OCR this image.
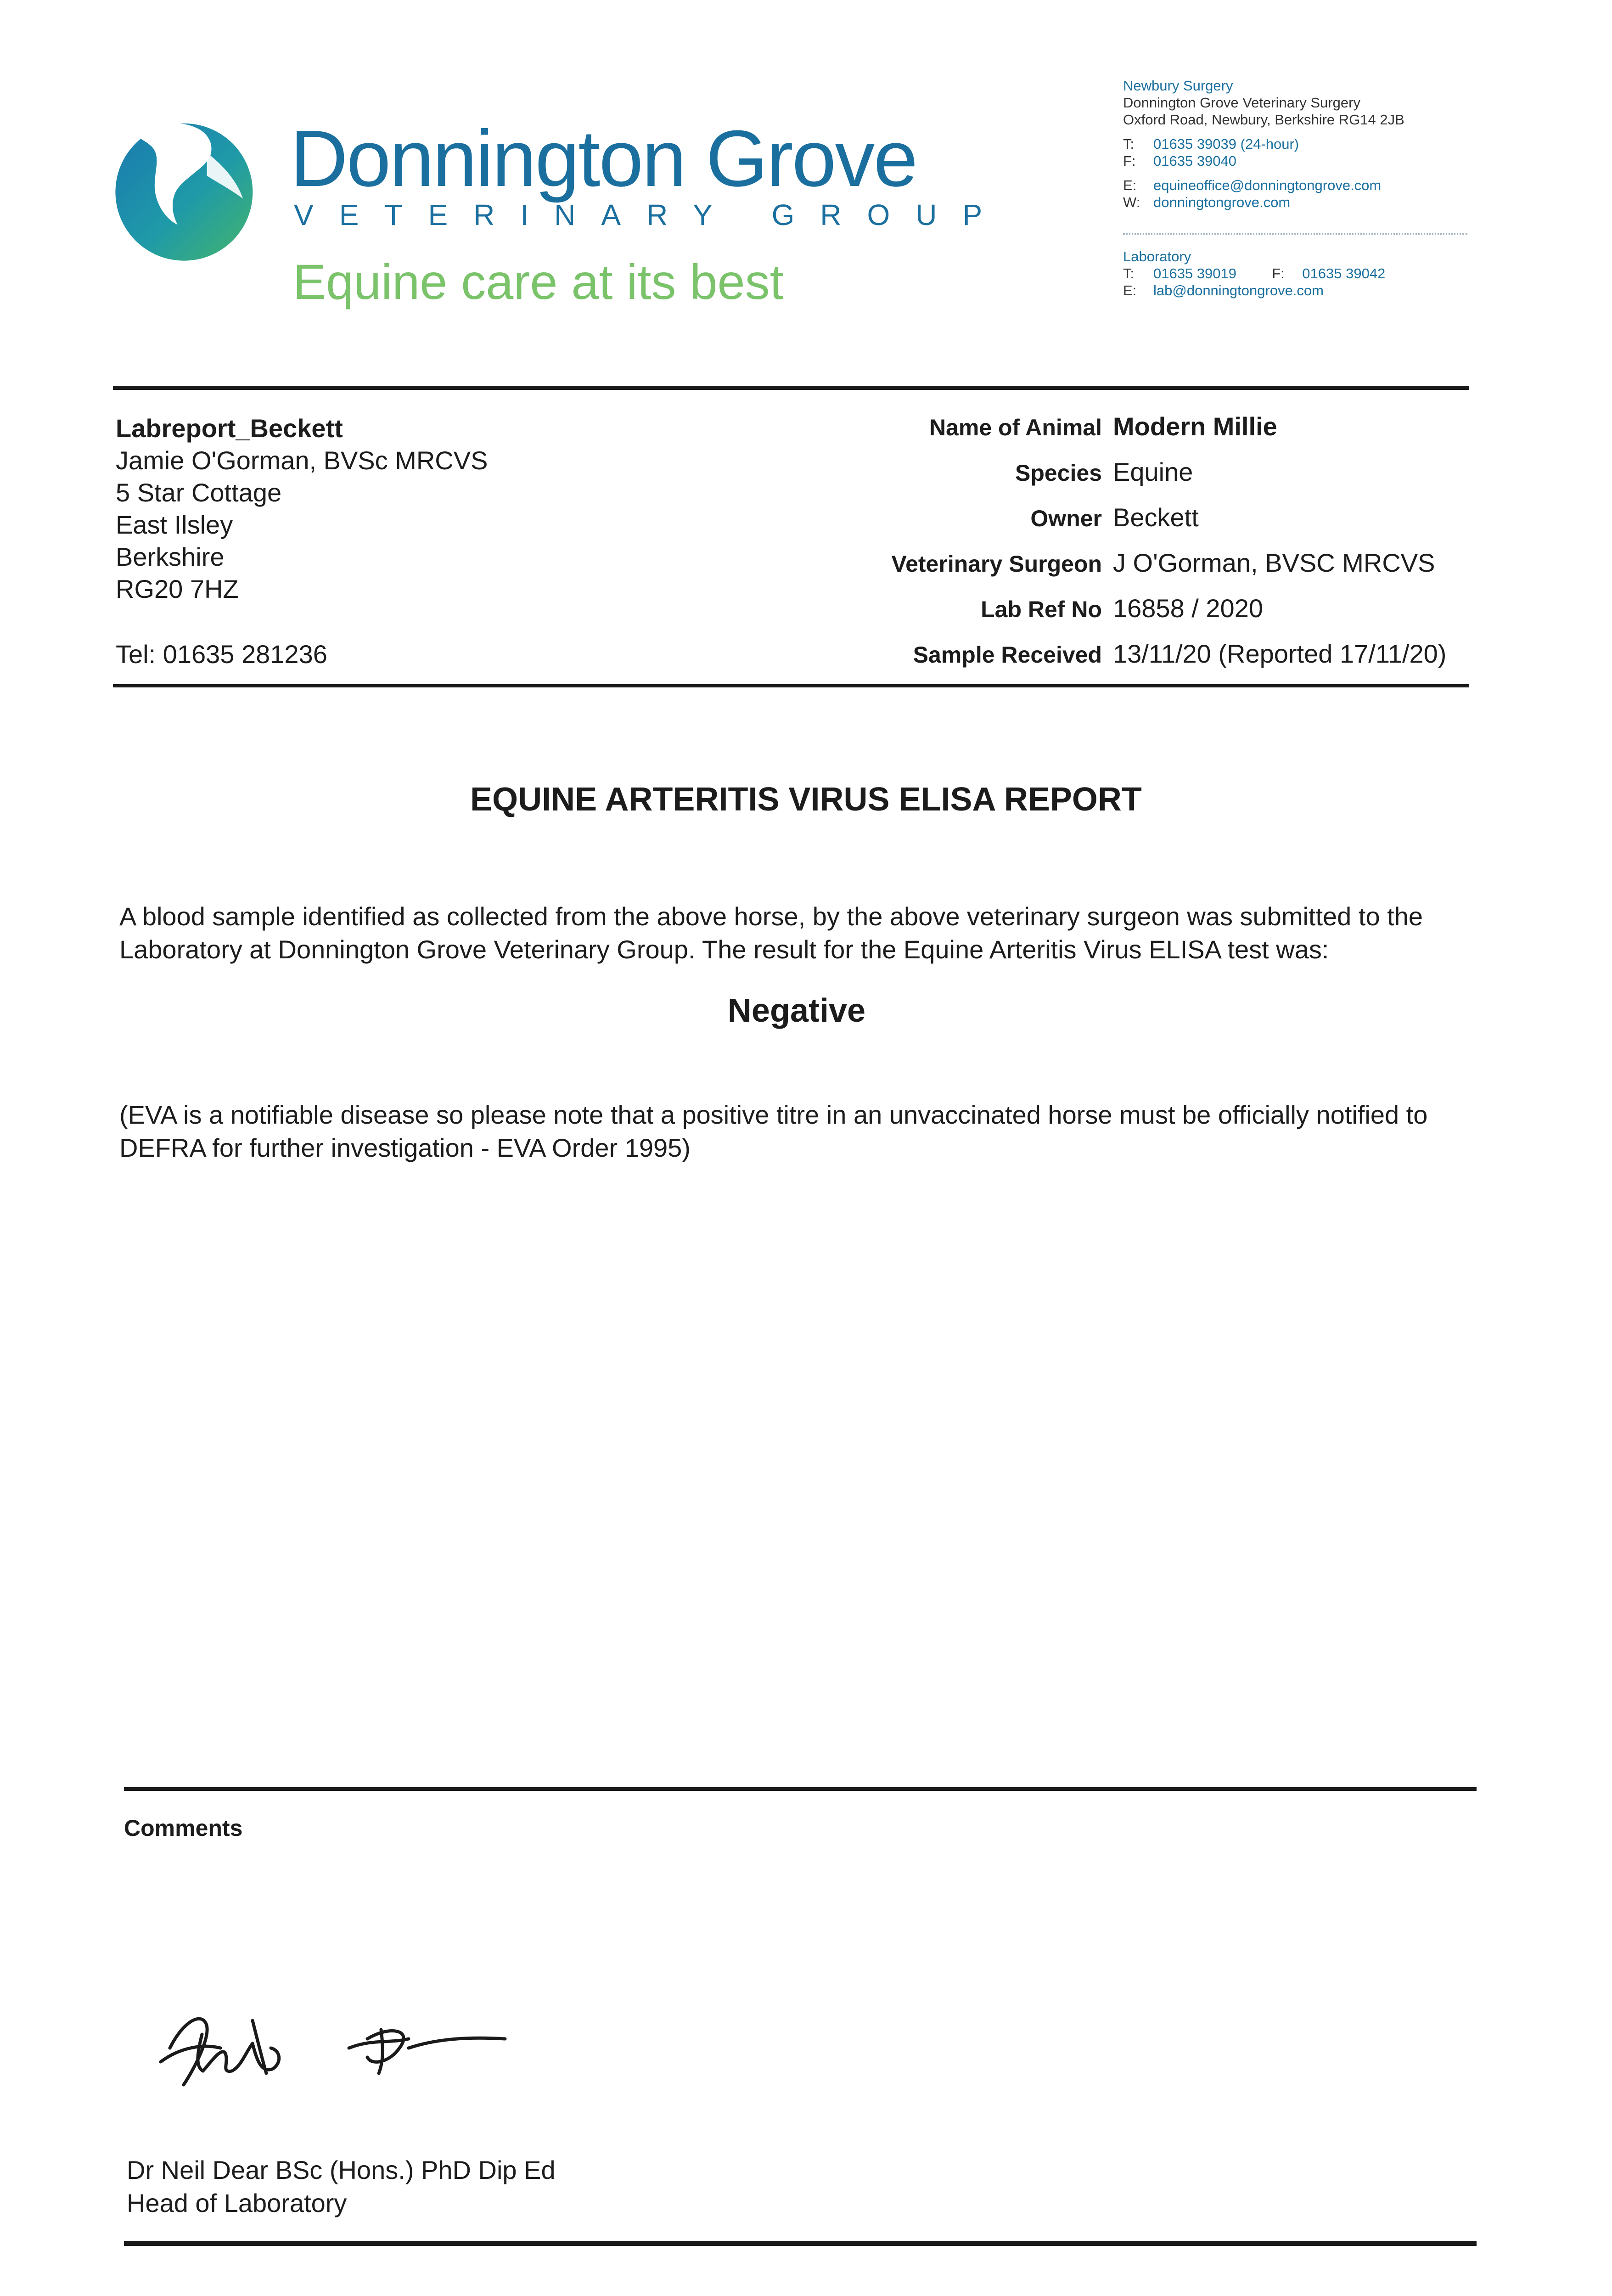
Donnington Grove
VETERINARY GROUP
Equine care at its best
Newbury Surgery
Donnington Grove Veterinary Surgery
Oxford Road, Newbury, Berkshire RG14 2JB
T: 01635 39039 (24-hour)
F: 01635 39040
E: equineoffice@donningtongrove.com
W: donningtongrove.com
Laboratory
T: 01635 39019 F: 01635 39042
E: lab@donningtongrove.com
Labreport_Beckett
Jamie O'Gorman, BVSc MRCVS
5 Star Cottage
East Ilsley
Berkshire
RG20 7HZ
Tel: 01635 281236
Name of Animal Modern Millie
Species Equine
Owner Beckett
Veterinary Surgeon J O'Gorman, BVSC MRCVS
Lab Ref No 16858 / 2020
Sample Received 13/11/20 (Reported 17/11/20)
EQUINE ARTERITIS VIRUS ELISA REPORT
A blood sample identified as collected from the above horse, by the above veterinary surgeon was submitted to the Laboratory at Donnington Grove Veterinary Group. The result for the Equine Arteritis Virus ELISA test was:
Negative
(EVA is a notifiable disease so please note that a positive titre in an unvaccinated horse must be officially notified to DEFRA for further investigation - EVA Order 1995)
Comments
Dr Neil Dear BSc (Hons.) PhD Dip Ed
Head of Laboratory
